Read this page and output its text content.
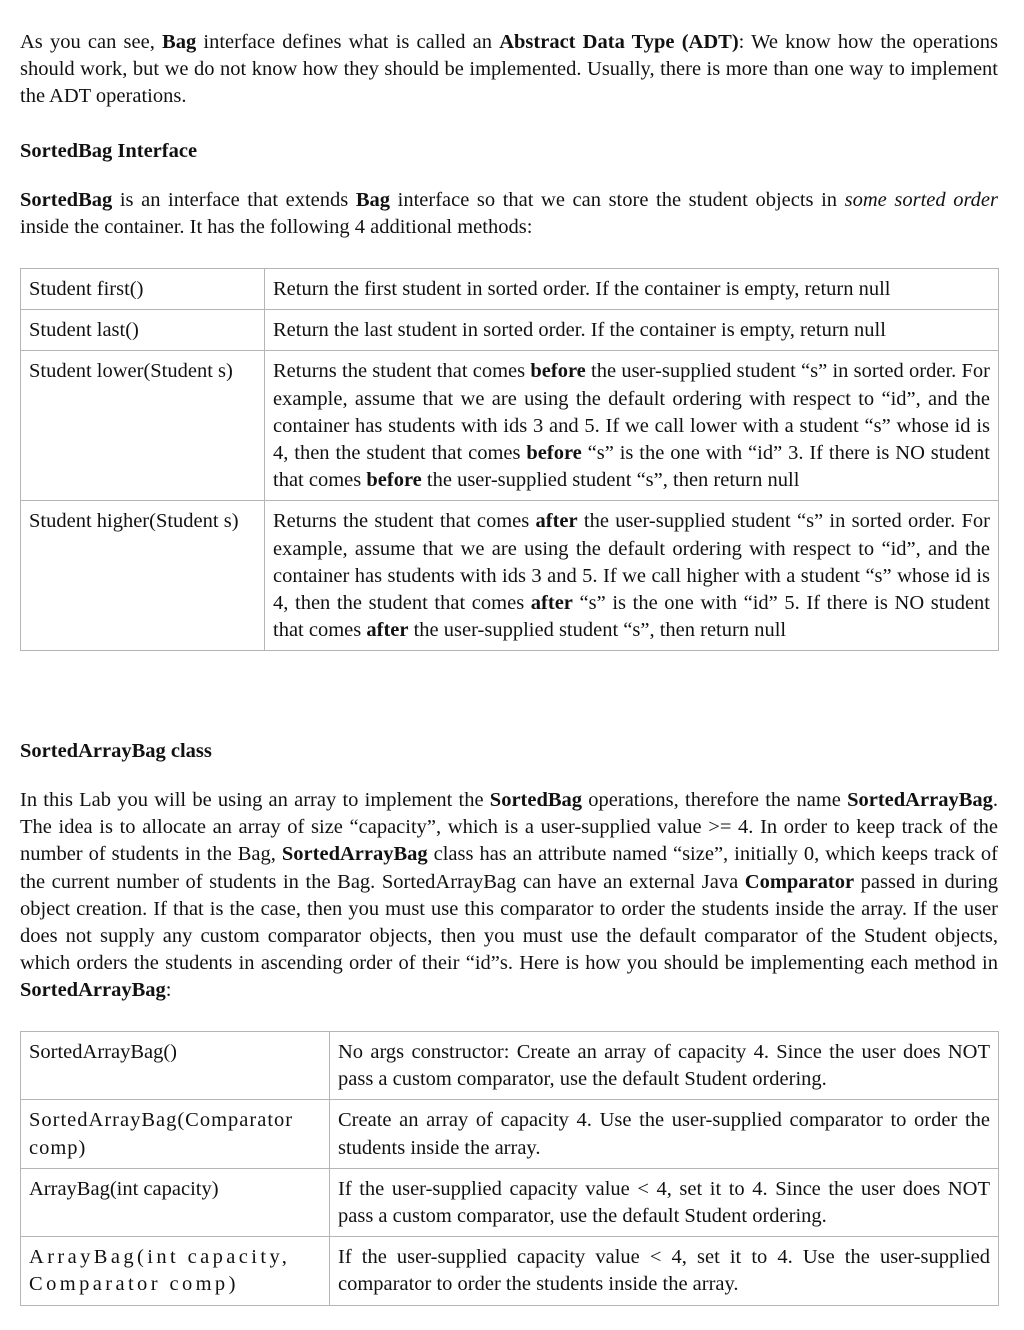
As you can see, Bag interface defines what is called an Abstract Data Type (ADT): We know how the operations should work, but we do not know how they should be implemented. Usually, there is more than one way to implement the ADT operations.

SortedBag Interface

SortedBag is an interface that extends Bag interface so that we can store the student objects in some sorted order inside the container. It has the following 4 additional methods:

Student first()	Return the first student in sorted order. If the container is empty, return null
Student last()	Return the last student in sorted order. If the container is empty, return null
Student lower(Student s)	Returns the student that comes before the user-supplied student “s” in sorted order. For example, assume that we are using the default ordering with respect to “id”, and the container has students with ids 3 and 5. If we call lower with a student “s” whose id is 4, then the student that comes before “s” is the one with “id” 3. If there is NO student that comes before the user-supplied student “s”, then return null
Student higher(Student s)	Returns the student that comes after the user-supplied student “s” in sorted order. For example, assume that we are using the default ordering with respect to “id”, and the container has students with ids 3 and 5. If we call higher with a student “s” whose id is 4, then the student that comes after “s” is the one with “id” 5. If there is NO student that comes after the user-supplied student “s”, then return null

SortedArrayBag class

In this Lab you will be using an array to implement the SortedBag operations, therefore the name SortedArrayBag. The idea is to allocate an array of size “capacity”, which is a user-supplied value >= 4. In order to keep track of the number of students in the Bag, SortedArrayBag class has an attribute named “size”, initially 0, which keeps track of the current number of students in the Bag. SortedArrayBag can have an external Java Comparator passed in during object creation. If that is the case, then you must use this comparator to order the students inside the array. If the user does not supply any custom comparator objects, then you must use the default comparator of the Student objects, which orders the students in ascending order of their “id”s. Here is how you should be implementing each method in SortedArrayBag:

SortedArrayBag()	No args constructor: Create an array of capacity 4. Since the user does NOT pass a custom comparator, use the default Student ordering.
SortedArrayBag(Comparator comp)	Create an array of capacity 4. Use the user-supplied comparator to order the students inside the array.
ArrayBag(int capacity)	If the user-supplied capacity value < 4, set it to 4. Since the user does NOT pass a custom comparator, use the default Student ordering.
ArrayBag(int capacity, Comparator comp)	If the user-supplied capacity value < 4, set it to 4. Use the user-supplied comparator to order the students inside the array.
